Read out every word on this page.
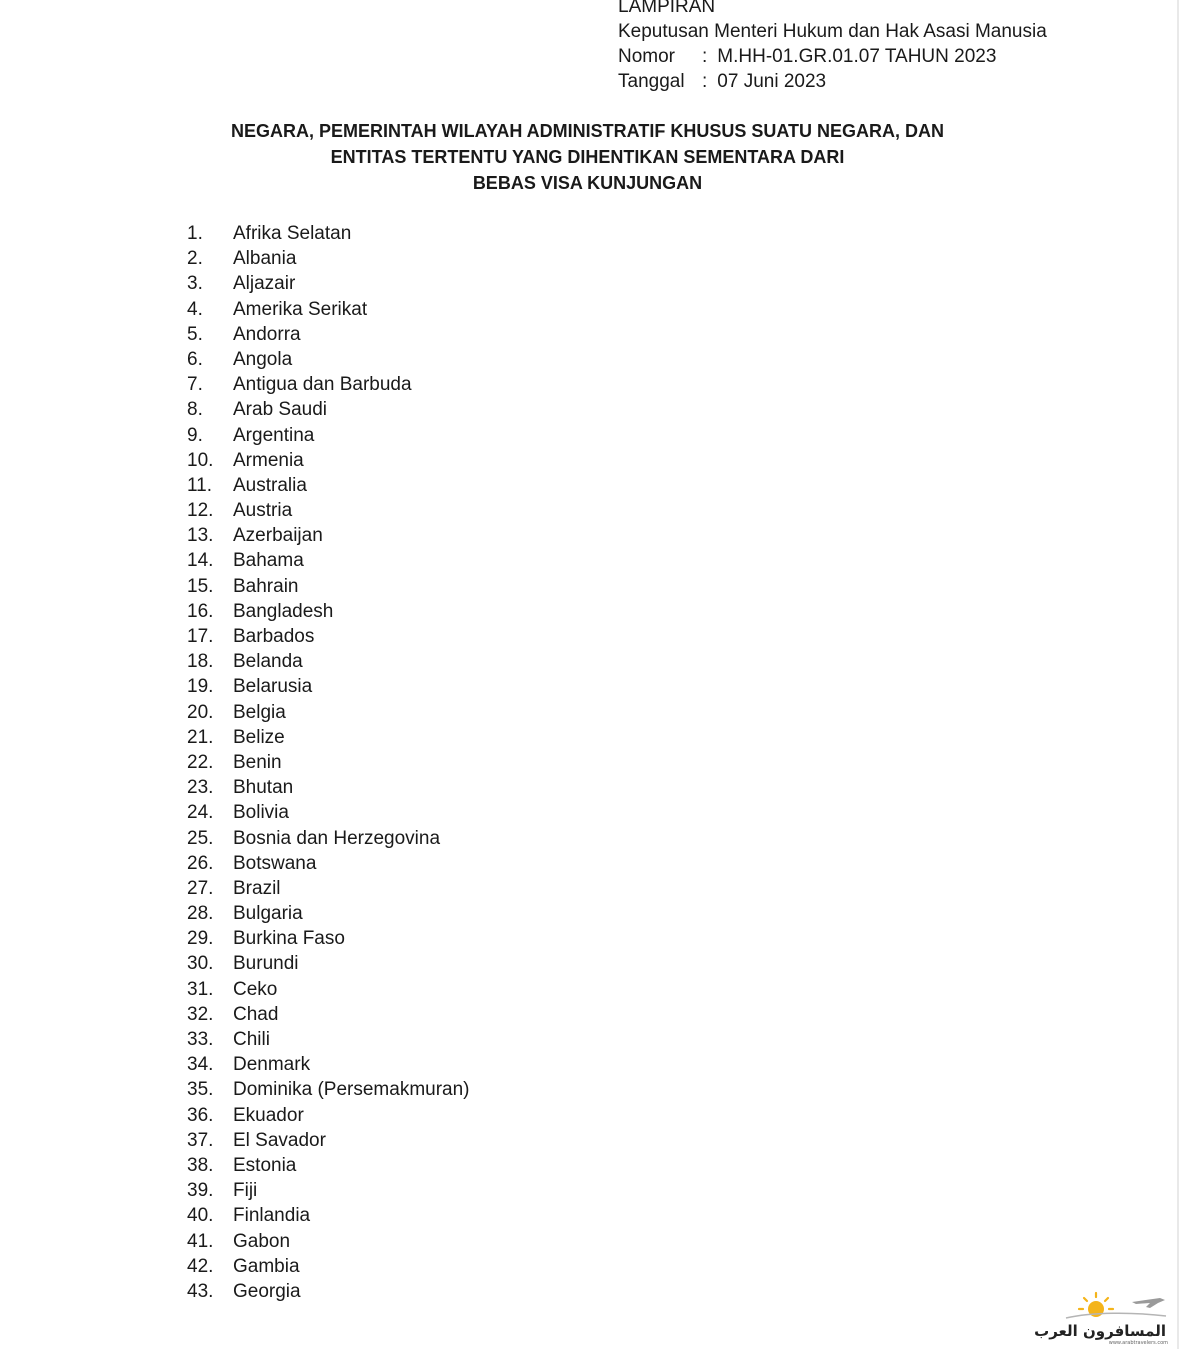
LAMPIRAN
Keputusan Menteri Hukum dan Hak Asasi Manusia
Nomor : M.HH-01.GR.01.07 TAHUN 2023
Tanggal : 07 Juni 2023
NEGARA, PEMERINTAH WILAYAH ADMINISTRATIF KHUSUS SUATU NEGARA, DAN
ENTITAS TERTENTU YANG DIHENTIKAN SEMENTARA DARI
BEBAS VISA KUNJUNGAN
1. Afrika Selatan
2. Albania
3. Aljazair
4. Amerika Serikat
5. Andorra
6. Angola
7. Antigua dan Barbuda
8. Arab Saudi
9. Argentina
10. Armenia
11. Australia
12. Austria
13. Azerbaijan
14. Bahama
15. Bahrain
16. Bangladesh
17. Barbados
18. Belanda
19. Belarusia
20. Belgia
21. Belize
22. Benin
23. Bhutan
24. Bolivia
25. Bosnia dan Herzegovina
26. Botswana
27. Brazil
28. Bulgaria
29. Burkina Faso
30. Burundi
31. Ceko
32. Chad
33. Chili
34. Denmark
35. Dominika (Persemakmuran)
36. Ekuador
37. El Savador
38. Estonia
39. Fiji
40. Finlandia
41. Gabon
42. Gambia
43. Georgia
المسافرون العرب
www.arabtravelers.com
